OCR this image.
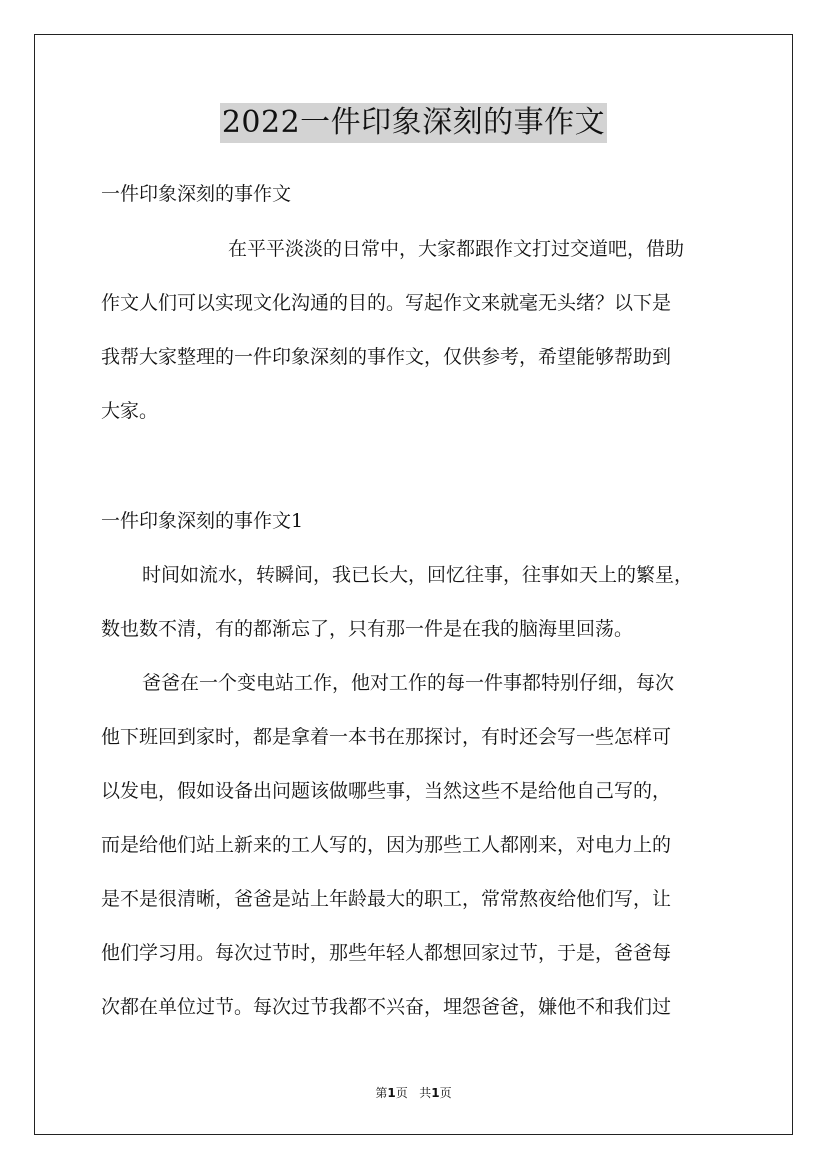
2022一件印象深刻的事作文
一件印象深刻的事作文
在平平淡淡的日常中，大家都跟作文打过交道吧，借助
作文人们可以实现文化沟通的目的。写起作文来就毫无头绪？以下是
我帮大家整理的一件印象深刻的事作文，仅供参考，希望能够帮助到
大家。
一件印象深刻的事作文1
时间如流水，转瞬间，我已长大，回忆往事，往事如天上的繁星，
数也数不清，有的都渐忘了，只有那一件是在我的脑海里回荡。
爸爸在一个变电站工作，他对工作的每一件事都特别仔细，每次
他下班回到家时，都是拿着一本书在那探讨，有时还会写一些怎样可
以发电，假如设备出问题该做哪些事，当然这些不是给他自己写的，
而是给他们站上新来的工人写的，因为那些工人都刚来，对电力上的
是不是很清晰，爸爸是站上年龄最大的职工，常常熬夜给他们写，让
他们学习用。每次过节时，那些年轻人都想回家过节，于是，爸爸每
次都在单位过节。每次过节我都不兴奋，埋怨爸爸，嫌他不和我们过
第1页 共1页
